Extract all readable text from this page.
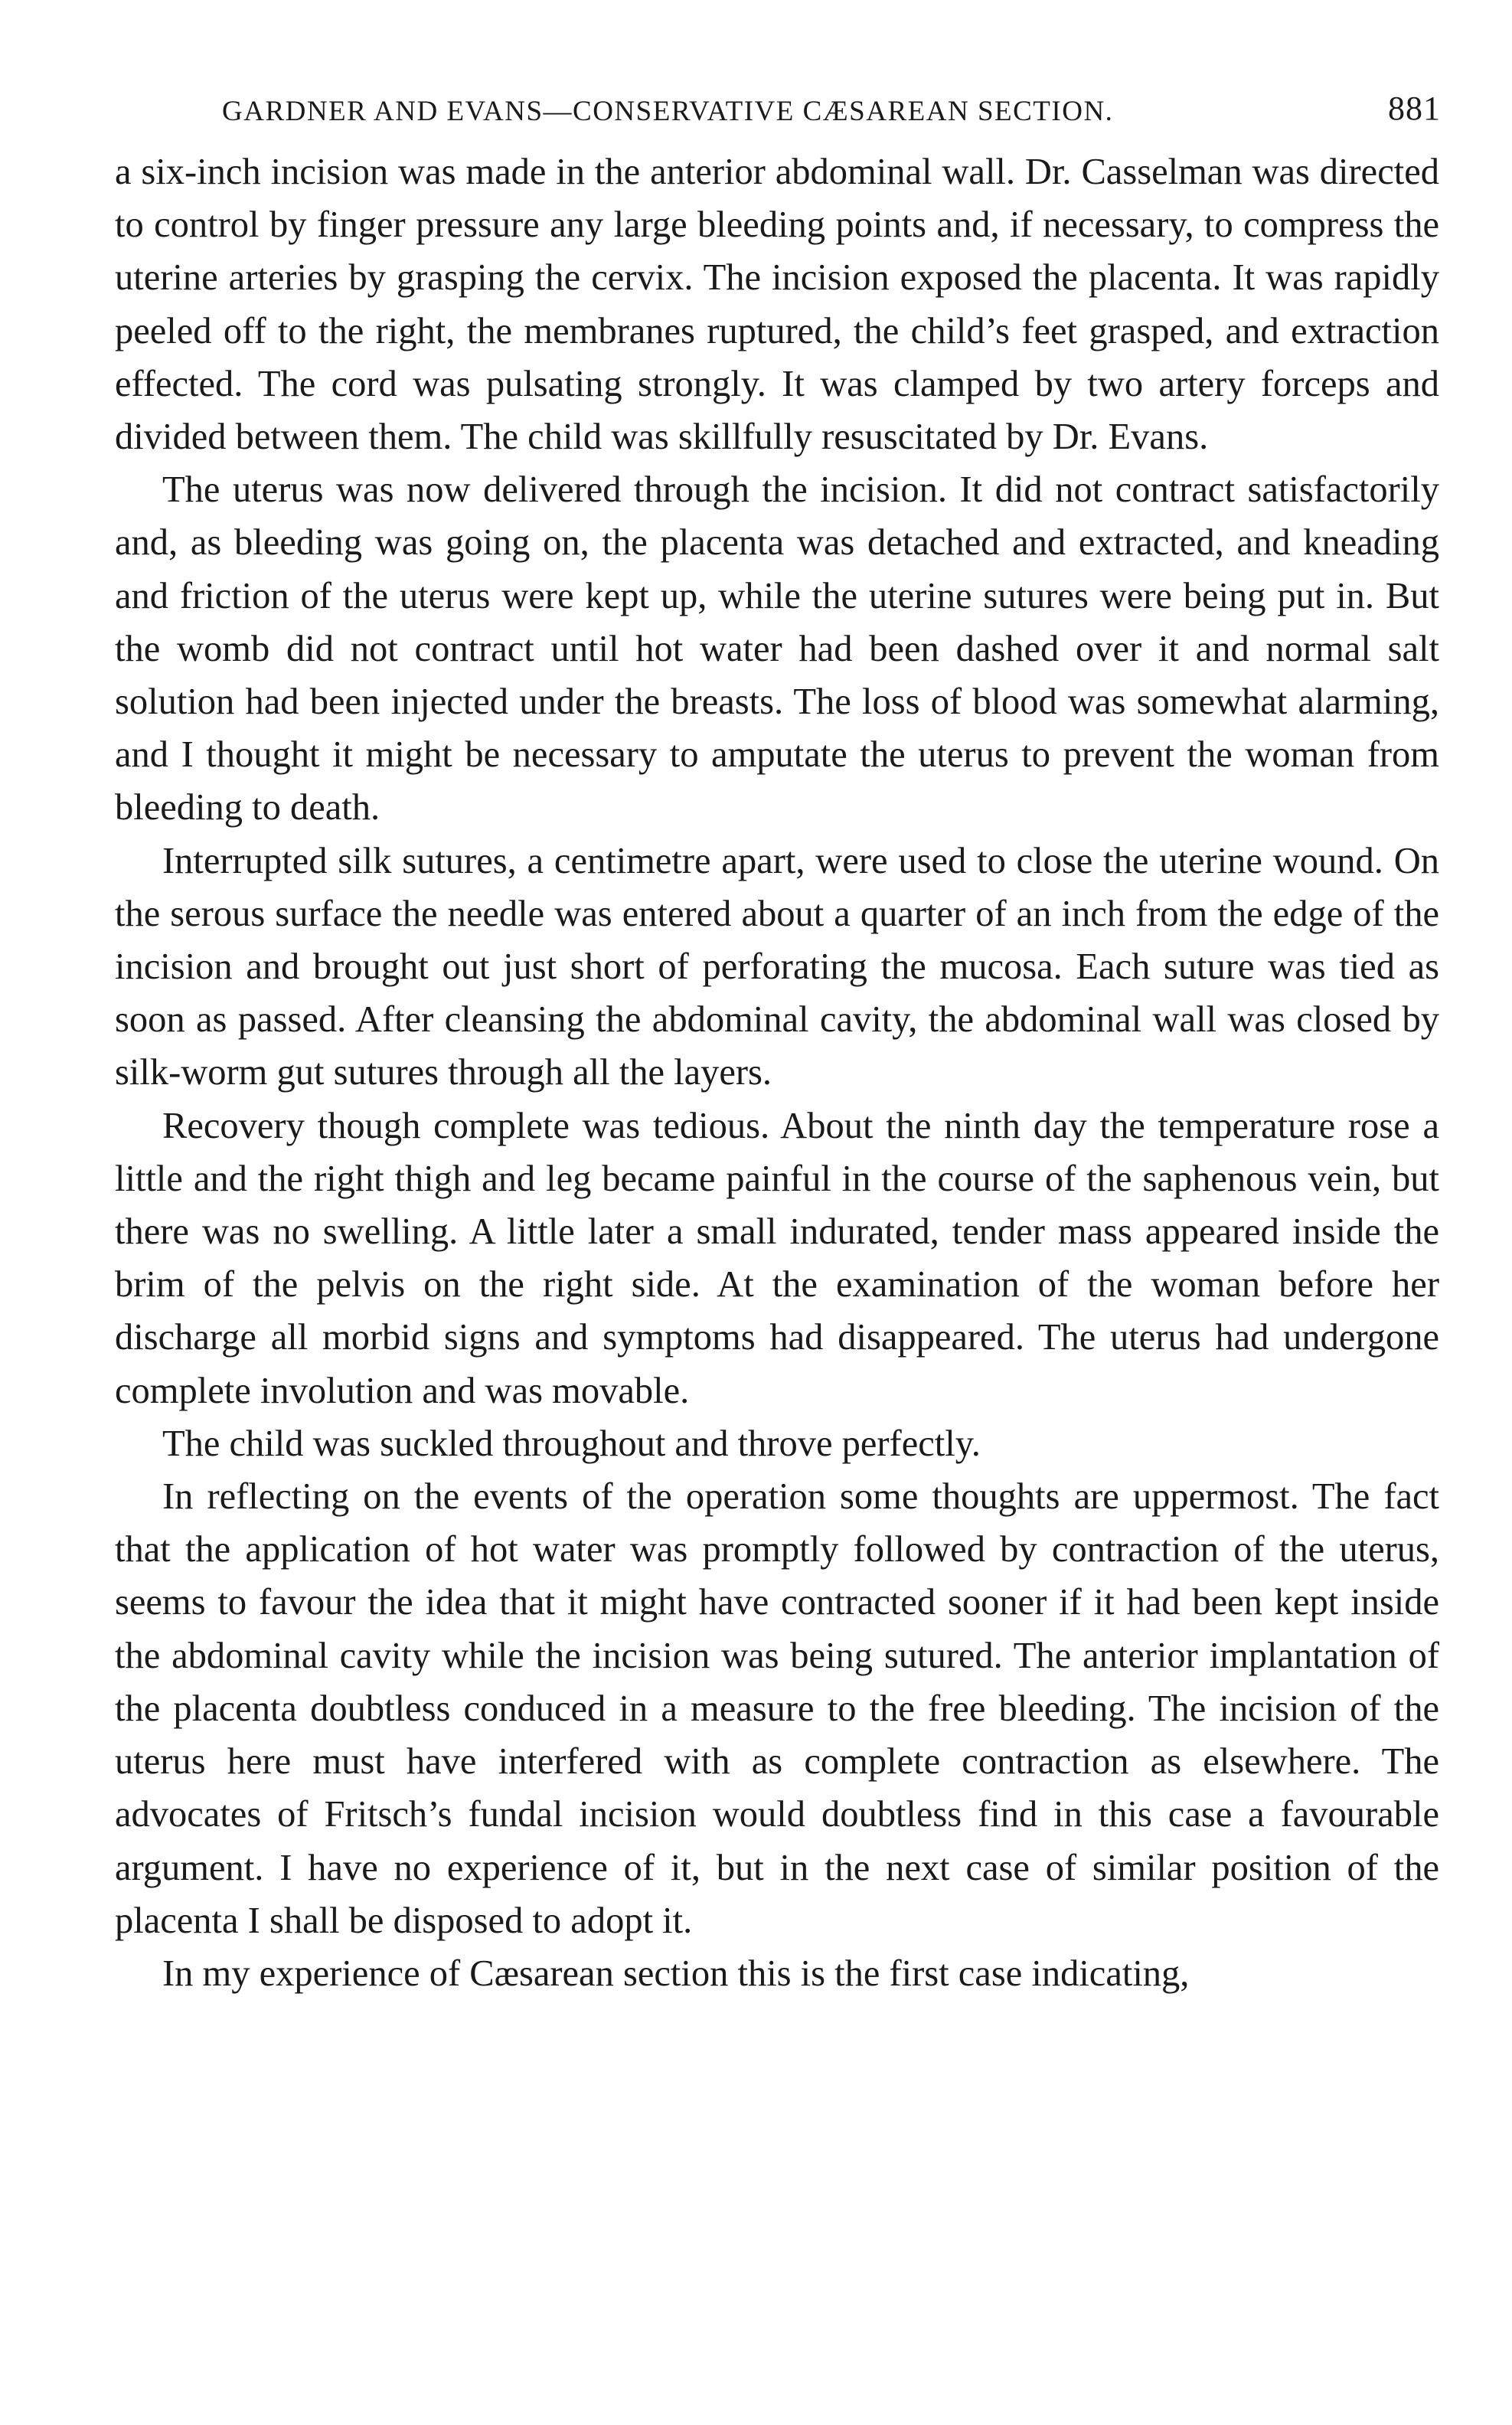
GARDNER AND EVANS—CONSERVATIVE CÆSAREAN SECTION.	881

a six-inch incision was made in the anterior abdominal wall. Dr. Casselman was directed to control by finger pressure any large bleeding points and, if necessary, to compress the uterine arteries by grasping the cervix. The incision exposed the placenta. It was rapidly peeled off to the right, the membranes ruptured, the child’s feet grasped, and extraction effected. The cord was pulsating strongly. It was clamped by two artery forceps and divided between them. The child was skillfully resuscitated by Dr. Evans.

The uterus was now delivered through the incision. It did not contract satisfactorily and, as bleeding was going on, the placenta was detached and extracted, and kneading and friction of the uterus were kept up, while the uterine sutures were being put in. But the womb did not contract until hot water had been dashed over it and normal salt solution had been injected under the breasts. The loss of blood was somewhat alarming, and I thought it might be necessary to amputate the uterus to prevent the woman from bleeding to death.

Interrupted silk sutures, a centimetre apart, were used to close the uterine wound. On the serous surface the needle was entered about a quarter of an inch from the edge of the incision and brought out just short of perforating the mucosa. Each suture was tied as soon as passed. After cleansing the abdominal cavity, the abdominal wall was closed by silk-worm gut sutures through all the layers.

Recovery though complete was tedious. About the ninth day the temperature rose a little and the right thigh and leg became painful in the course of the saphenous vein, but there was no swelling. A little later a small indurated, tender mass appeared inside the brim of the pelvis on the right side. At the examination of the woman before her discharge all morbid signs and symptoms had disappeared. The uterus had undergone complete involution and was movable.

The child was suckled throughout and throve perfectly.

In reflecting on the events of the operation some thoughts are uppermost. The fact that the application of hot water was promptly followed by contraction of the uterus, seems to favour the idea that it might have contracted sooner if it had been kept inside the abdominal cavity while the incision was being sutured. The anterior implantation of the placenta doubtless conduced in a measure to the free bleeding. The incision of the uterus here must have interfered with as complete contraction as elsewhere. The advocates of Fritsch’s fundal incision would doubtless find in this case a favourable argument. I have no experience of it, but in the next case of similar position of the placenta I shall be disposed to adopt it.

In my experience of Cæsarean section this is the first case indicating,
